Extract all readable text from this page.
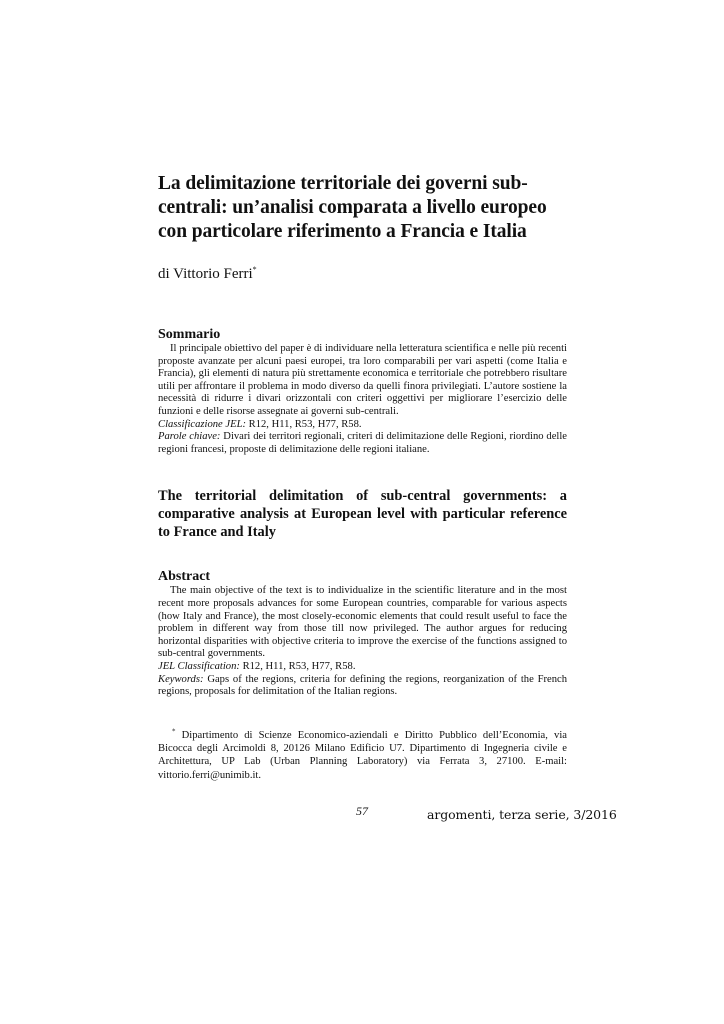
La delimitazione territoriale dei governi sub-centrali: un’analisi comparata a livello europeo con particolare riferimento a Francia e Italia
di Vittorio Ferri*
Sommario

Il principale obiettivo del paper è di individuare nella letteratura scientifica e nelle più recenti proposte avanzate per alcuni paesi europei, tra loro comparabili per vari aspetti (come Italia e Francia), gli elementi di natura più strettamente economica e territoriale che potrebbero risultare utili per affrontare il problema in modo diverso da quelli finora privilegiati. L’autore sostiene la necessità di ridurre i divari orizzontali con criteri oggettivi per migliorare l’esercizio delle funzioni e delle risorse assegnate ai governi sub-centrali.

Classificazione JEL: R12, H11, R53, H77, R58.

Parole chiave: Divari dei territori regionali, criteri di delimitazione delle Regioni, riordino delle regioni francesi, proposte di delimitazione delle regioni italiane.

The territorial delimitation of sub-central governments: a comparative analysis at European level with particular reference to France and Italy
Abstract

The main objective of the text is to individualize in the scientific literature and in the most recent more proposals advances for some European countries, comparable for various aspects (how Italy and France), the most closely-economic elements that could result useful to face the problem in different way from those till now privileged. The author argues for reducing horizontal disparities with objective criteria to improve the exercise of the functions assigned to sub-central governments.

JEL Classification: R12, H11, R53, H77, R58.

Keywords: Gaps of the regions, criteria for defining the regions, reorganization of the French regions, proposals for delimitation of the Italian regions.

* Dipartimento di Scienze Economico-aziendali e Diritto Pubblico dell’Economia, via Bicocca degli Arcimoldi 8, 20126 Milano Edificio U7. Dipartimento di Ingegneria civile e Architettura, UP Lab (Urban Planning Laboratory) via Ferrata 3, 27100. E-mail: vittorio.ferri@unimib.it.

57	argomenti, terza serie, 3/2016
